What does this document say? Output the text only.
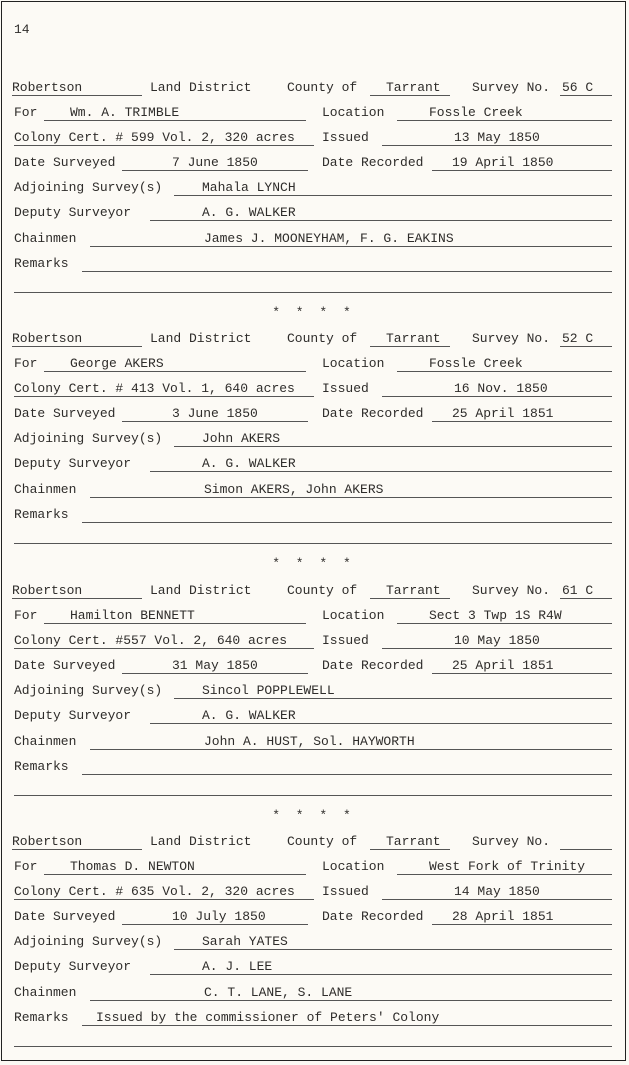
14
Robertson	Land District	County of Tarrant Survey No. 56 C
For	Wm. A. TRIMBLE	Location	Fossle Creek
Colony Cert. # 599 Vol. 2, 320 acres Issued	13 May 1850
Date Surveyed	7 June 1850	Date Recorded 19 April 1850
Adjoining Survey(s)	Mahala LYNCH
Deputy Surveyor	A. G. WALKER
Chainmen	James J. MOONEYHAM, F. G. EAKINS
Remarks
* * * *
Robertson	Land District	County of Tarrant Survey No. 52 C
For	George AKERS	Location	Fossle Creek
Colony Cert. # 413 Vol. 1, 640 acres Issued	16 Nov. 1850
Date Surveyed	3 June 1850	Date Recorded 25 April 1851
Adjoining Survey(s)	John AKERS
Deputy Surveyor	A. G. WALKER
Chainmen	Simon AKERS, John AKERS
Remarks
* * * *
Robertson	Land District	County of Tarrant Survey No. 61 C
For	Hamilton BENNETT	Location	Sect 3 Twp 1S R4W
Colony Cert. #557 Vol. 2, 640 acres	Issued	10 May 1850
Date Surveyed	31 May 1850	Date Recorded 25 April 1851
Adjoining Survey(s)	Sincol POPPLEWELL
Deputy Surveyor	A. G. WALKER
Chainmen	John A. HUST, Sol. HAYWORTH
Remarks
* * * *
Robertson	Land District	County of Tarrant Survey No.
For	Thomas D. NEWTON	Location	West Fork of Trinity
Colony Cert. # 635 Vol. 2, 320 acres Issued	14 May 1850
Date Surveyed	10 July 1850	Date Recorded 28 April 1851
Adjoining Survey(s)	Sarah YATES
Deputy Surveyor	A. J. LEE
Chainmen	C. T. LANE, S. LANE
Remarks Issued by the commissioner of Peters' Colony
